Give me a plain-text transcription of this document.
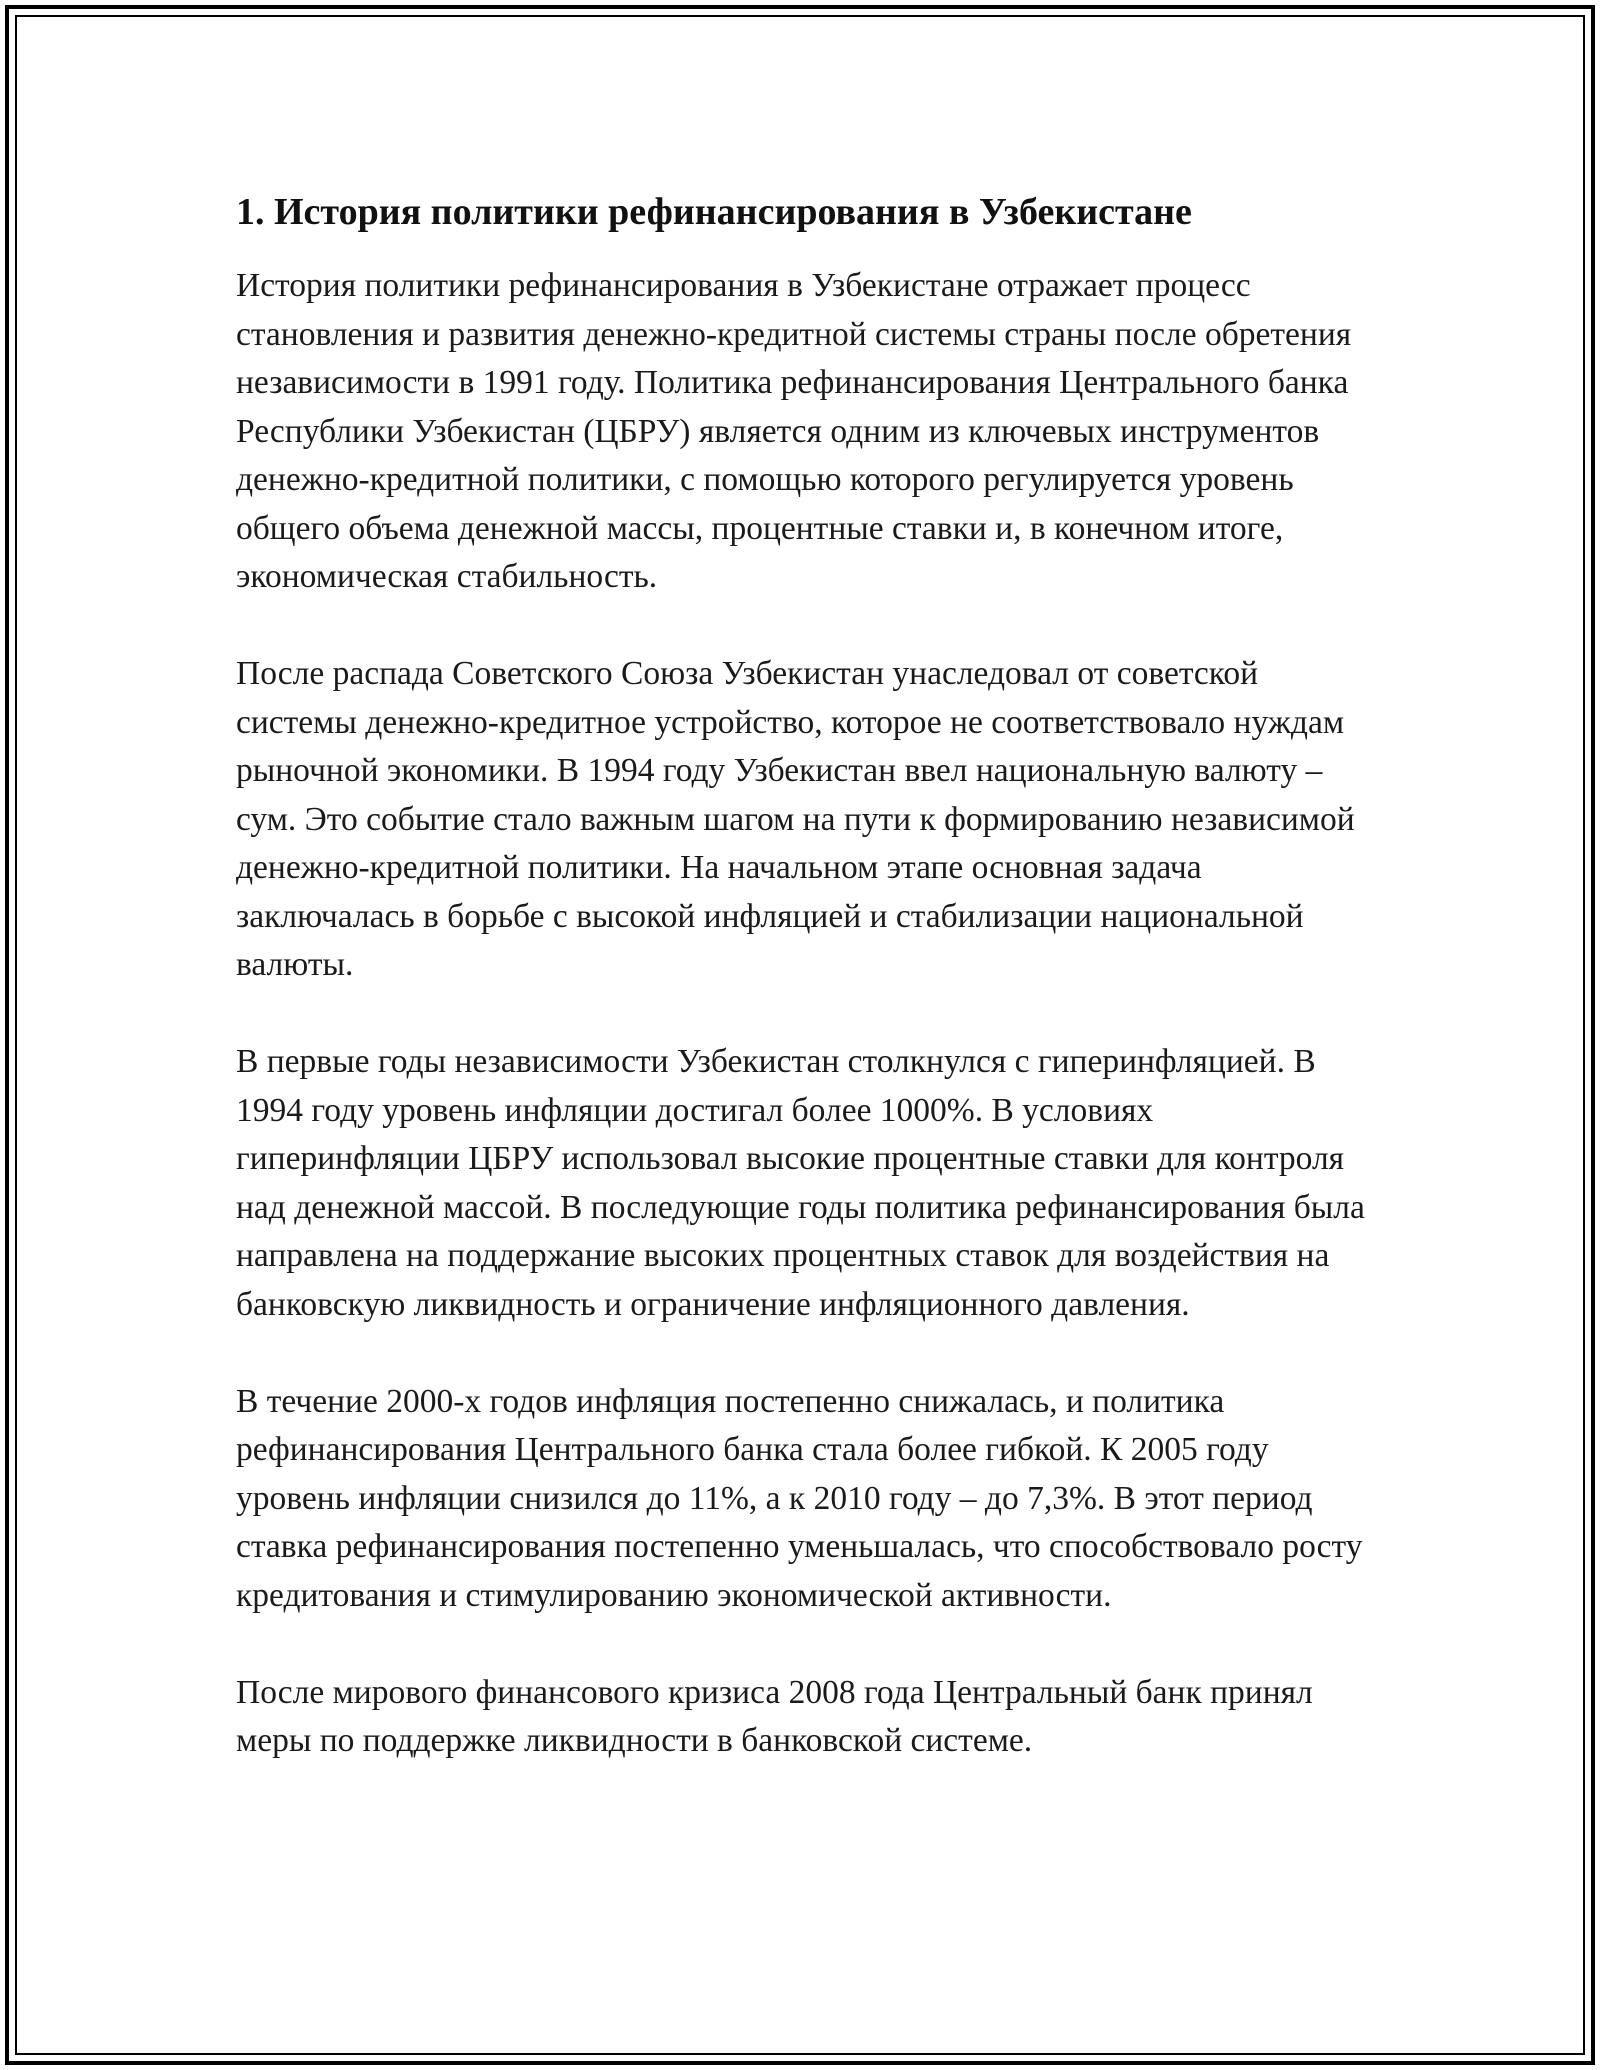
1. История политики рефинансирования в Узбекистане

История политики рефинансирования в Узбекистане отражает процесс становления и развития денежно-кредитной системы страны после обретения независимости в 1991 году. Политика рефинансирования Центрального банка Республики Узбекистан (ЦБРУ) является одним из ключевых инструментов денежно-кредитной политики, с помощью которого регулируется уровень общего объема денежной массы, процентные ставки и, в конечном итоге, экономическая стабильность.

После распада Советского Союза Узбекистан унаследовал от советской системы денежно-кредитное устройство, которое не соответствовало нуждам рыночной экономики. В 1994 году Узбекистан ввел национальную валюту – сум. Это событие стало важным шагом на пути к формированию независимой денежно-кредитной политики. На начальном этапе основная задача заключалась в борьбе с высокой инфляцией и стабилизации национальной валюты.

В первые годы независимости Узбекистан столкнулся с гиперинфляцией. В 1994 году уровень инфляции достигал более 1000%. В условиях гиперинфляции ЦБРУ использовал высокие процентные ставки для контроля над денежной массой. В последующие годы политика рефинансирования была направлена на поддержание высоких процентных ставок для воздействия на банковскую ликвидность и ограничение инфляционного давления.

В течение 2000-х годов инфляция постепенно снижалась, и политика рефинансирования Центрального банка стала более гибкой. К 2005 году уровень инфляции снизился до 11%, а к 2010 году – до 7,3%. В этот период ставка рефинансирования постепенно уменьшалась, что способствовало росту кредитования и стимулированию экономической активности.

После мирового финансового кризиса 2008 года Центральный банк принял меры по поддержке ликвидности в банковской системе.
